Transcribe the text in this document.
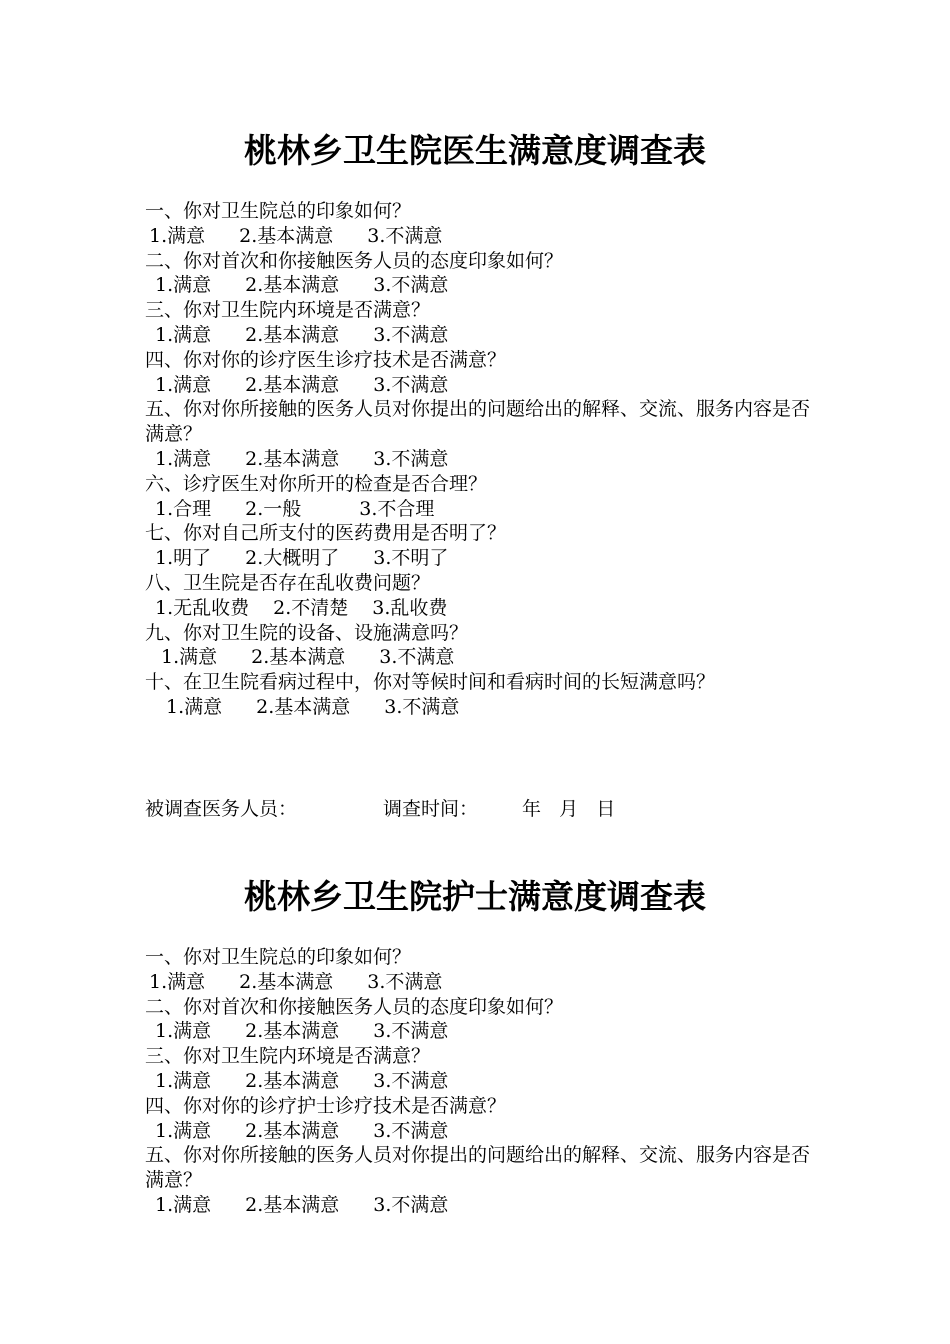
桃林乡卫生院医生满意度调查表

一、你对卫生院总的印象如何？

1.满意 2.基本满意 3.不满意

二、你对首次和你接触医务人员的态度印象如何？

1.满意 2.基本满意 3.不满意

三、你对卫生院内环境是否满意？

1.满意 2.基本满意 3.不满意

四、你对你的诊疗医生诊疗技术是否满意？

1.满意 2.基本满意 3.不满意

五、你对你所接触的医务人员对你提出的问题给出的解释、交流、服务内容是否满意？

1.满意 2.基本满意 3.不满意

六、诊疗医生对你所开的检查是否合理？

1.合理 2.一般	3.不合理

七、你对自己所支付的医药费用是否明了？

1.明了 2.大概明了 3.不明了

八、卫生院是否存在乱收费问题？

1.无乱收费 2.不清楚 3.乱收费

九、你对卫生院的设备、设施满意吗？

1.满意 2.基本满意 3.不满意

十、在卫生院看病过程中，你对等候时间和看病时间的长短满意吗？

1.满意 2.基本满意 3.不满意

被调查医务人员：	调查时间： 年   月   日
桃林乡卫生院护士满意度调查表

一、你对卫生院总的印象如何？

1.满意 2.基本满意 3.不满意

二、你对首次和你接触医务人员的态度印象如何？

1.满意 2.基本满意 3.不满意

三、你对卫生院内环境是否满意？

1.满意 2.基本满意 3.不满意

四、你对你的诊疗护士诊疗技术是否满意？

1.满意 2.基本满意 3.不满意

五、你对你所接触的医务人员对你提出的问题给出的解释、交流、服务内容是否满意？

1.满意 2.基本满意 3.不满意
